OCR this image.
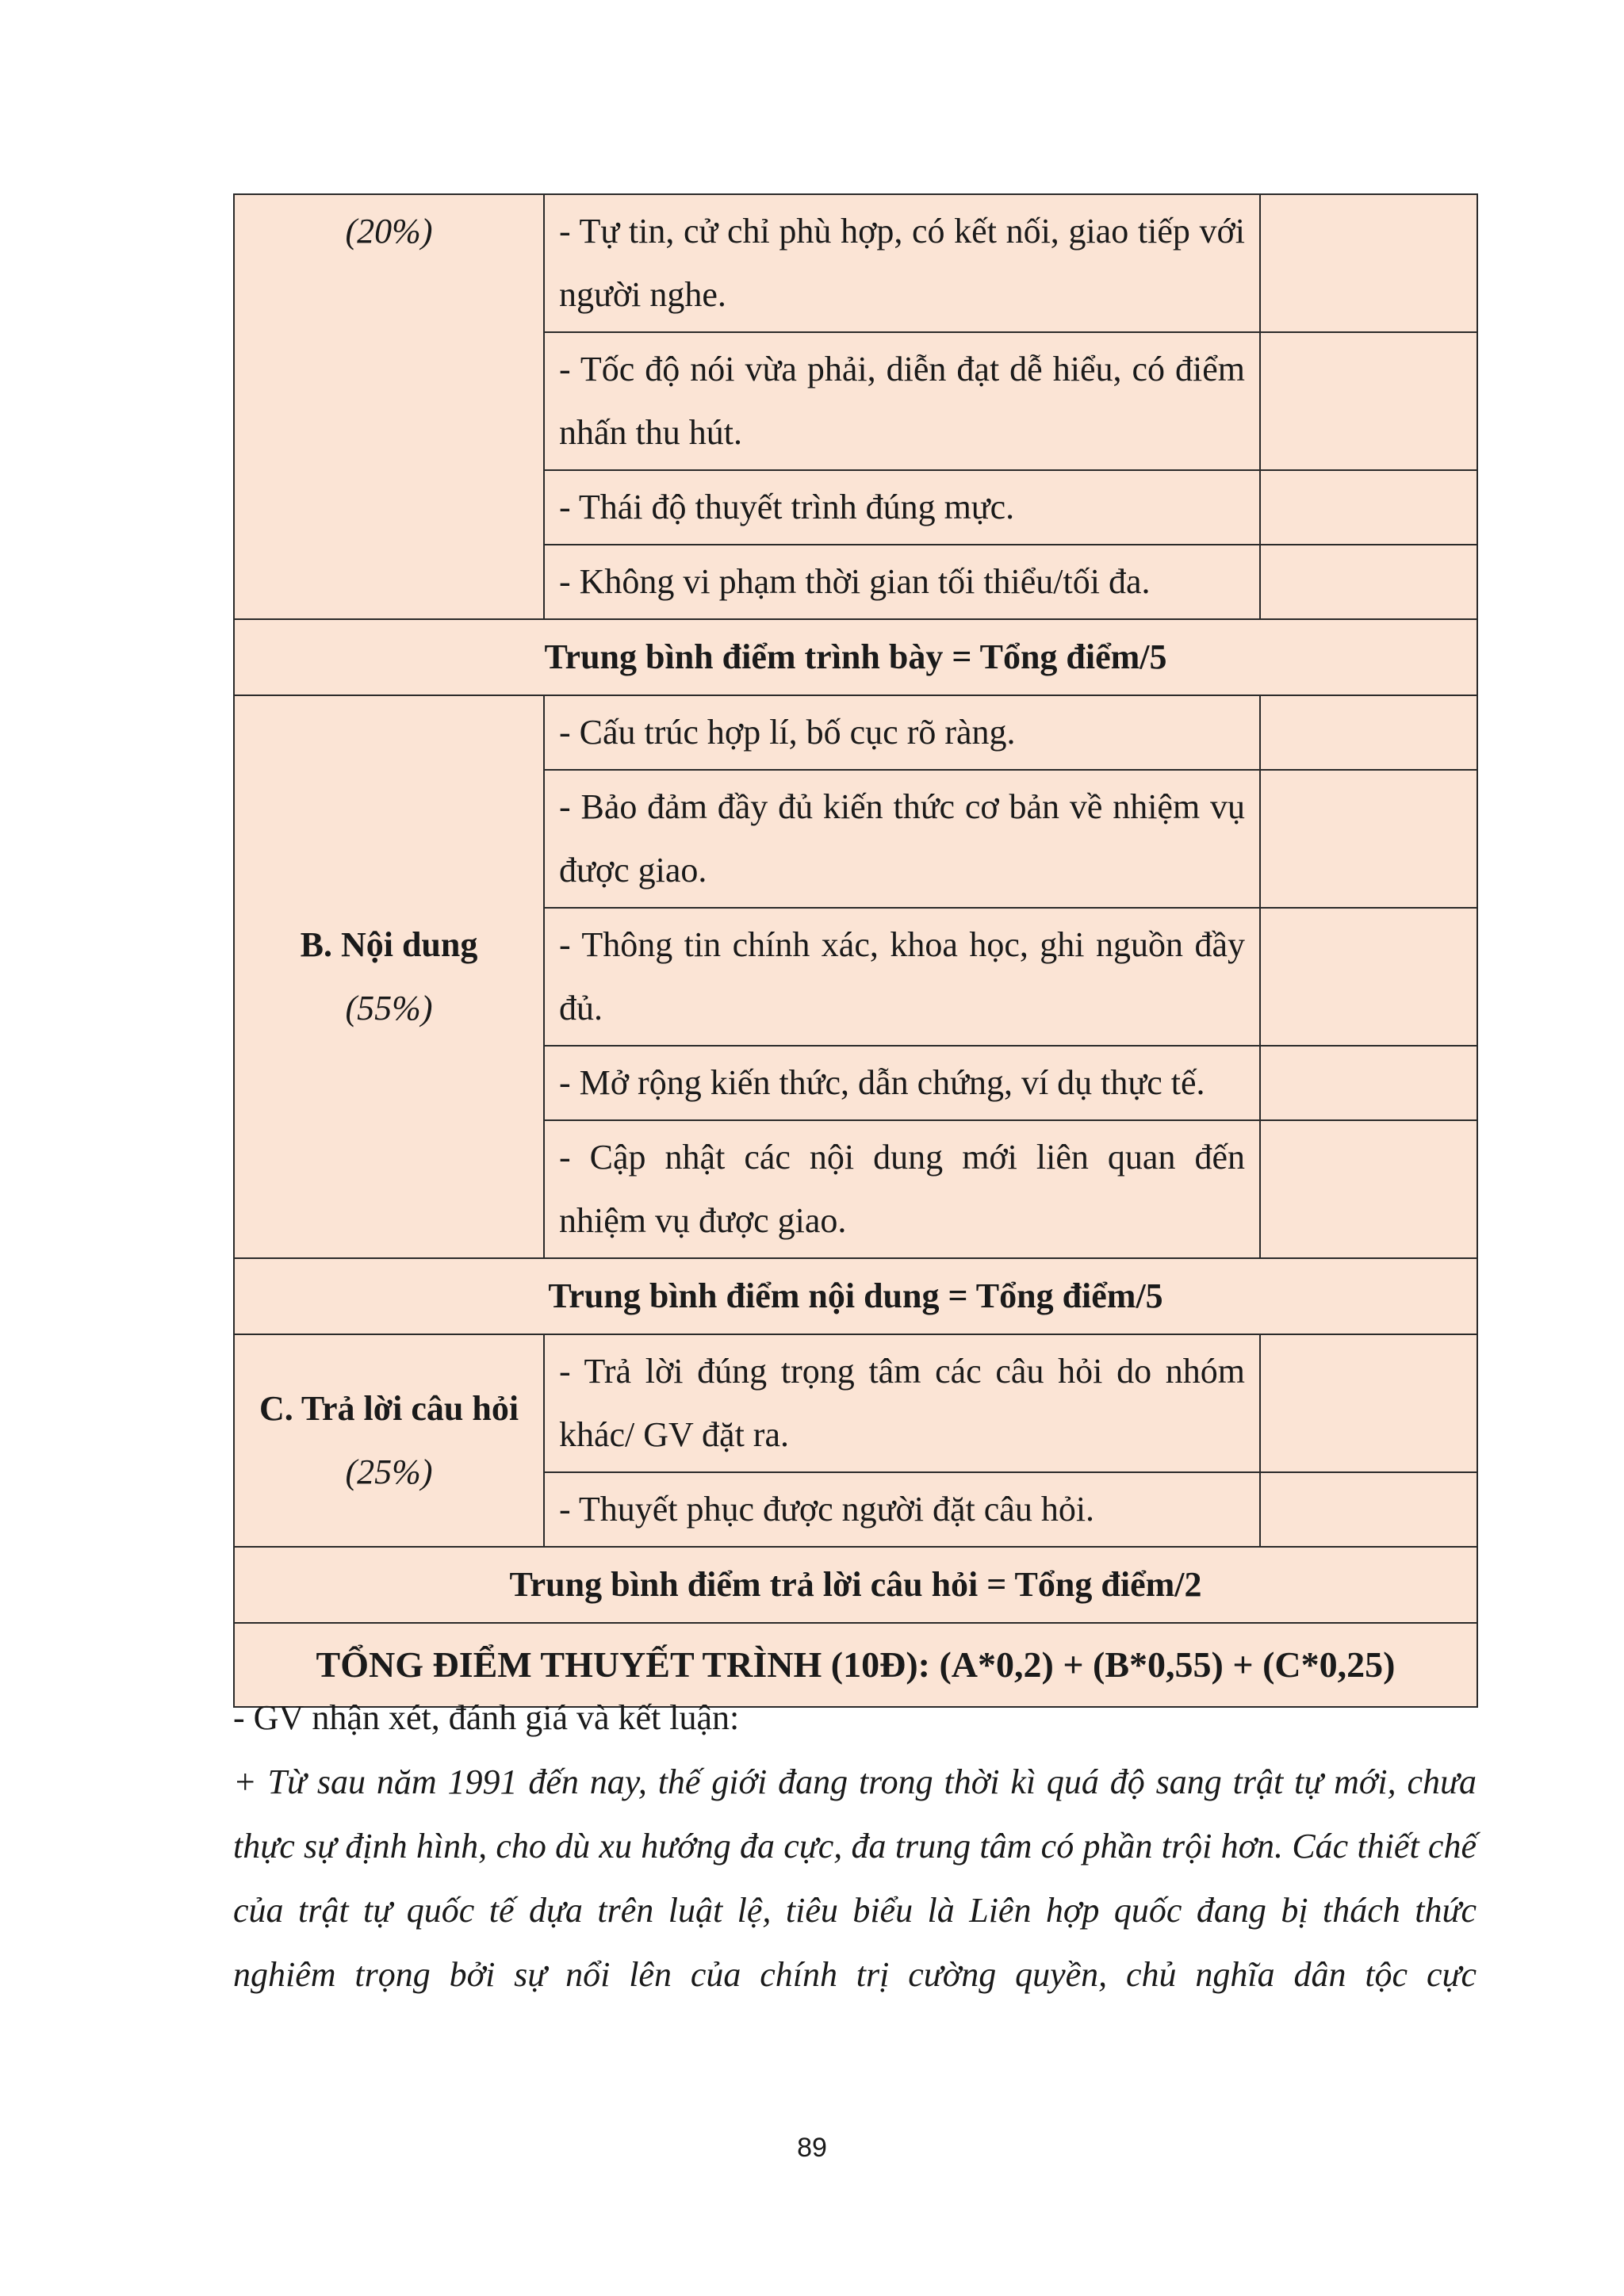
(20%)	- Tự tin, cử chỉ phù hợp, có kết nối, giao tiếp với người nghe.	
	- Tốc độ nói vừa phải, diễn đạt dễ hiểu, có điểm nhấn thu hút.	
	- Thái độ thuyết trình đúng mực.	
	- Không vi phạm thời gian tối thiểu/tối đa.	
Trung bình điểm trình bày = Tổng điểm/5		

B. Nội dung
(55%)	- Cấu trúc hợp lí, bố cục rõ ràng.	
	- Bảo đảm đầy đủ kiến thức cơ bản về nhiệm vụ được giao.	
	- Thông tin chính xác, khoa học, ghi nguồn đầy đủ.	
	- Mở rộng kiến thức, dẫn chứng, ví dụ thực tế.	
	- Cập nhật các nội dung mới liên quan đến nhiệm vụ được giao.	
Trung bình điểm nội dung = Tổng điểm/5		

C. Trả lời câu hỏi
(25%)	- Trả lời đúng trọng tâm các câu hỏi do nhóm khác/ GV đặt ra.	
	- Thuyết phục được người đặt câu hỏi.	
Trung bình điểm trả lời câu hỏi = Tổng điểm/2		
TỔNG ĐIỂM THUYẾT TRÌNH (10Đ): (A*0,2) + (B*0,55) + (C*0,25)		

- GV nhận xét, đánh giá và kết luận:

+ Từ sau năm 1991 đến nay, thế giới đang trong thời kì quá độ sang trật tự mới, chưa thực sự định hình, cho dù xu hướng đa cực, đa trung tâm có phần trội hơn. Các thiết chế của trật tự quốc tế dựa trên luật lệ, tiêu biểu là Liên hợp quốc đang bị thách thức nghiêm trọng bởi sự nổi lên của chính trị cường quyền, chủ nghĩa dân tộc cực

89
